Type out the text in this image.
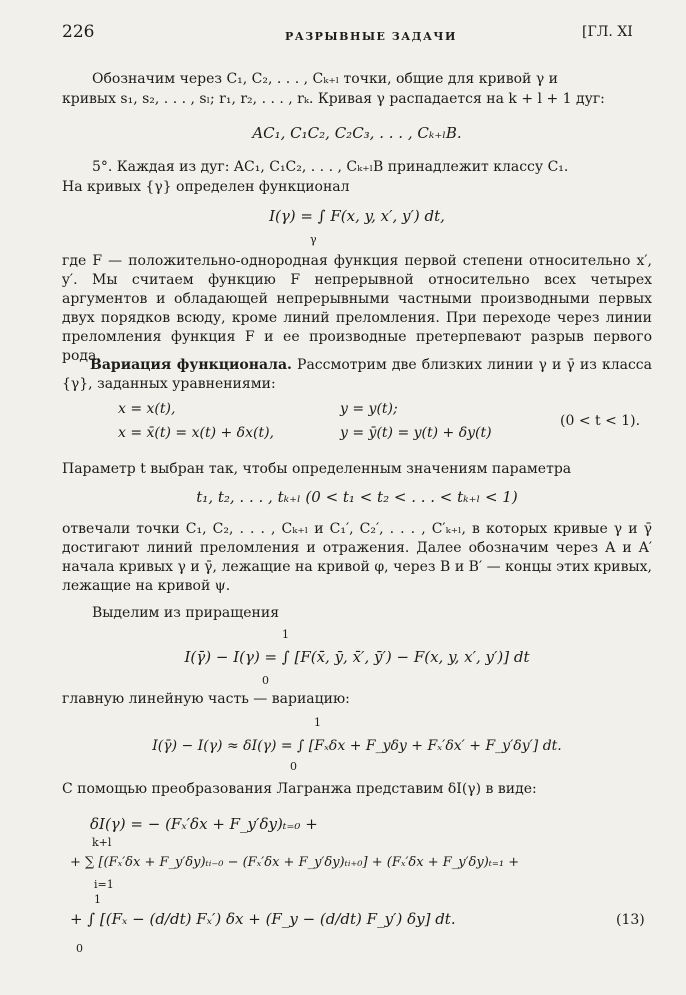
226	РАЗРЫВНЫЕ ЗАДАЧИ	[ГЛ. XI
Обозначим через C₁, C₂, . . . , Cₖ₊ₗ точки, общие для кривой γ и
кривых s₁, s₂, . . . , sₗ; r₁, r₂, . . . , rₖ. Кривая γ распадается на k + l + 1 дуг:
AC₁, C₁C₂, C₂C₃, . . . , Cₖ₊ₗB.
5°. Каждая из дуг: AC₁, C₁C₂, . . . , Cₖ₊ₗB принадлежит классу C₁.
На кривых {γ} определен функционал
I(γ) = ∫ F(x, y, x′, y′) dt,
γ
где F — положительно-однородная функция первой степени относительно x′, y′. Мы считаем функцию F непрерывной относительно всех четырех аргументов и обладающей непрерывными частными производными первых двух порядков всюду, кроме линий преломления. При переходе через линии преломления функция F и ее производные претерпевают разрыв первого рода.
Вариация функционала. Рассмотрим две близких линии γ и γ̄ из класса {γ}, заданных уравнениями:
x = x(t),	y = y(t);
x = x̄(t) = x(t) + δx(t),	y = ȳ(t) = y(t) + δy(t)
(0 < t < 1).
Параметр t выбран так, чтобы определенным значениям параметра
t₁, t₂, . . . , tₖ₊ₗ (0 < t₁ < t₂ < . . . < tₖ₊ₗ < 1)
отвечали точки C₁, C₂, . . . , Cₖ₊ₗ и C₁′, C₂′, . . . , C′ₖ₊ₗ, в которых кривые γ и γ̄ достигают линий преломления и отражения. Далее обозначим через A и A′ начала кривых γ и γ̄, лежащие на кривой φ, через B и B′ — концы этих кривых, лежащие на кривой ψ.
Выделим из приращения
1
I(γ̄) − I(γ) = ∫ [F(x̄, ȳ, x̄′, ȳ′) − F(x, y, x′, y′)] dt
0
главную линейную часть — вариацию:
1
I(γ̄) − I(γ) ≈ δI(γ) = ∫ [Fₓδx + F_yδy + Fₓ′δx′ + F_y′δy′] dt.
0
С помощью преобразования Лагранжа представим δI(γ) в виде:
δI(γ) = − (Fₓ′δx + F_y′δy)ₜ₌₀ +
k+l
+ ∑ [(Fₓ′δx + F_y′δy)ₜᵢ₋₀ − (Fₓ′δx + F_y′δy)ₜᵢ₊₀] + (Fₓ′δx + F_y′δy)ₜ₌₁ +
i=1
1
+ ∫ [(Fₓ − (d/dt) Fₓ′) δx + (F_y − (d/dt) F_y′) δy] dt.
0
(13)
